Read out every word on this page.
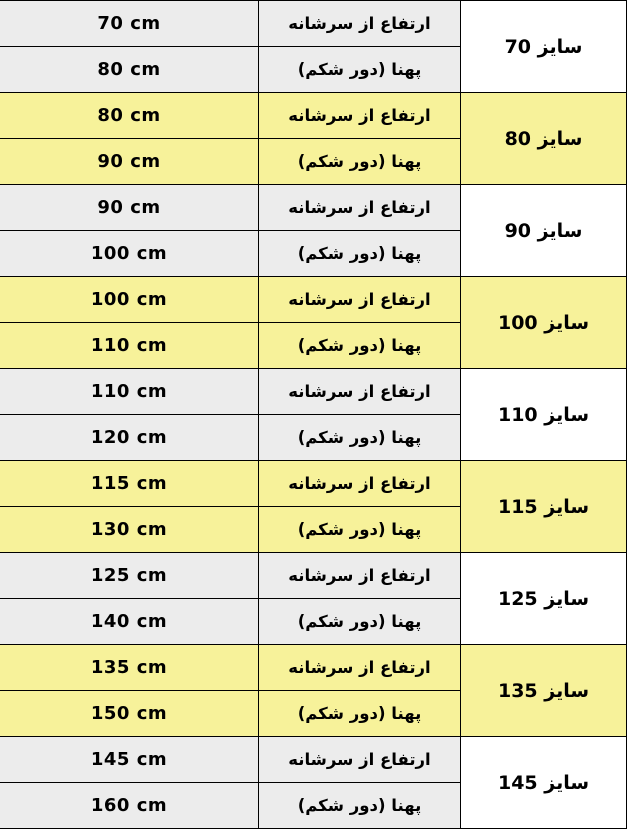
سایز 70	ارتفاع از سرشانه	70 cm
	پهنا (دور شکم)	80 cm
سایز 80	ارتفاع از سرشانه	80 cm
	پهنا (دور شکم)	90 cm
سایز 90	ارتفاع از سرشانه	90 cm
	پهنا (دور شکم)	100 cm
سایز 100	ارتفاع از سرشانه	100 cm
	پهنا (دور شکم)	110 cm
سایز 110	ارتفاع از سرشانه	110 cm
	پهنا (دور شکم)	120 cm
سایز 115	ارتفاع از سرشانه	115 cm
	پهنا (دور شکم)	130 cm
سایز 125	ارتفاع از سرشانه	125 cm
	پهنا (دور شکم)	140 cm
سایز 135	ارتفاع از سرشانه	135 cm
	پهنا (دور شکم)	150 cm
سایز 145	ارتفاع از سرشانه	145 cm
	پهنا (دور شکم)	160 cm
